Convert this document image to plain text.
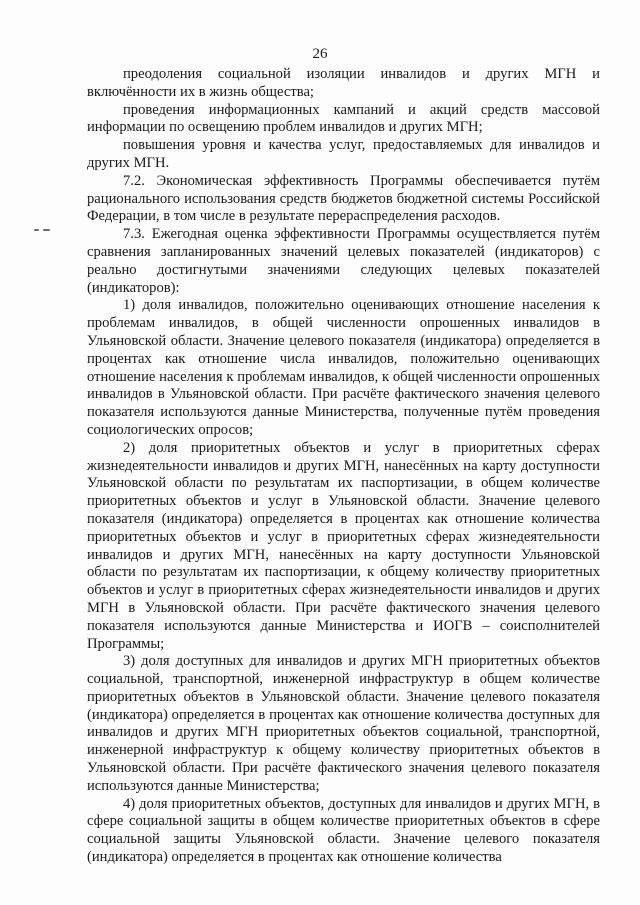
26

преодоления социальной изоляции инвалидов и других МГН и включённости их в жизнь общества;

проведения информационных кампаний и акций средств массовой информации по освещению проблем инвалидов и других МГН;

повышения уровня и качества услуг, предоставляемых для инвалидов и других МГН.

7.2. Экономическая эффективность Программы обеспечивается путём рационального использования средств бюджетов бюджетной системы Российской Федерации, в том числе в результате перераспределения расходов.

7.3. Ежегодная оценка эффективности Программы осуществляется путём сравнения запланированных значений целевых показателей (индикаторов) с реально достигнутыми значениями следующих целевых показателей (индикаторов):

1) доля инвалидов, положительно оценивающих отношение населения к проблемам инвалидов, в общей численности опрошенных инвалидов в Ульяновской области. Значение целевого показателя (индикатора) определяется в процентах как отношение числа инвалидов, положительно оценивающих отношение населения к проблемам инвалидов, к общей численности опрошенных инвалидов в Ульяновской области. При расчёте фактического значения целевого показателя используются данные Министерства, полученные путём проведения социологических опросов;

2) доля приоритетных объектов и услуг в приоритетных сферах жизнедеятельности инвалидов и других МГН, нанесённых на карту доступности Ульяновской области по результатам их паспортизации, в общем количестве приоритетных объектов и услуг в Ульяновской области. Значение целевого показателя (индикатора) определяется в процентах как отношение количества приоритетных объектов и услуг в приоритетных сферах жизнедеятельности инвалидов и других МГН, нанесённых на карту доступности Ульяновской области по результатам их паспортизации, к общему количеству приоритетных объектов и услуг в приоритетных сферах жизнедеятельности инвалидов и других МГН в Ульяновской области. При расчёте фактического значения целевого показателя используются данные Министерства и ИОГВ – соисполнителей Программы;

3) доля доступных для инвалидов и других МГН приоритетных объектов социальной, транспортной, инженерной инфраструктур в общем количестве приоритетных объектов в Ульяновской области. Значение целевого показателя (индикатора) определяется в процентах как отношение количества доступных для инвалидов и других МГН приоритетных объектов социальной, транспортной, инженерной инфраструктур к общему количеству приоритетных объектов в Ульяновской области. При расчёте фактического значения целевого показателя используются данные Министерства;

4) доля приоритетных объектов, доступных для инвалидов и других МГН, в сфере социальной защиты в общем количестве приоритетных объектов в сфере социальной защиты Ульяновской области. Значение целевого показателя (индикатора) определяется в процентах как отношение количества
